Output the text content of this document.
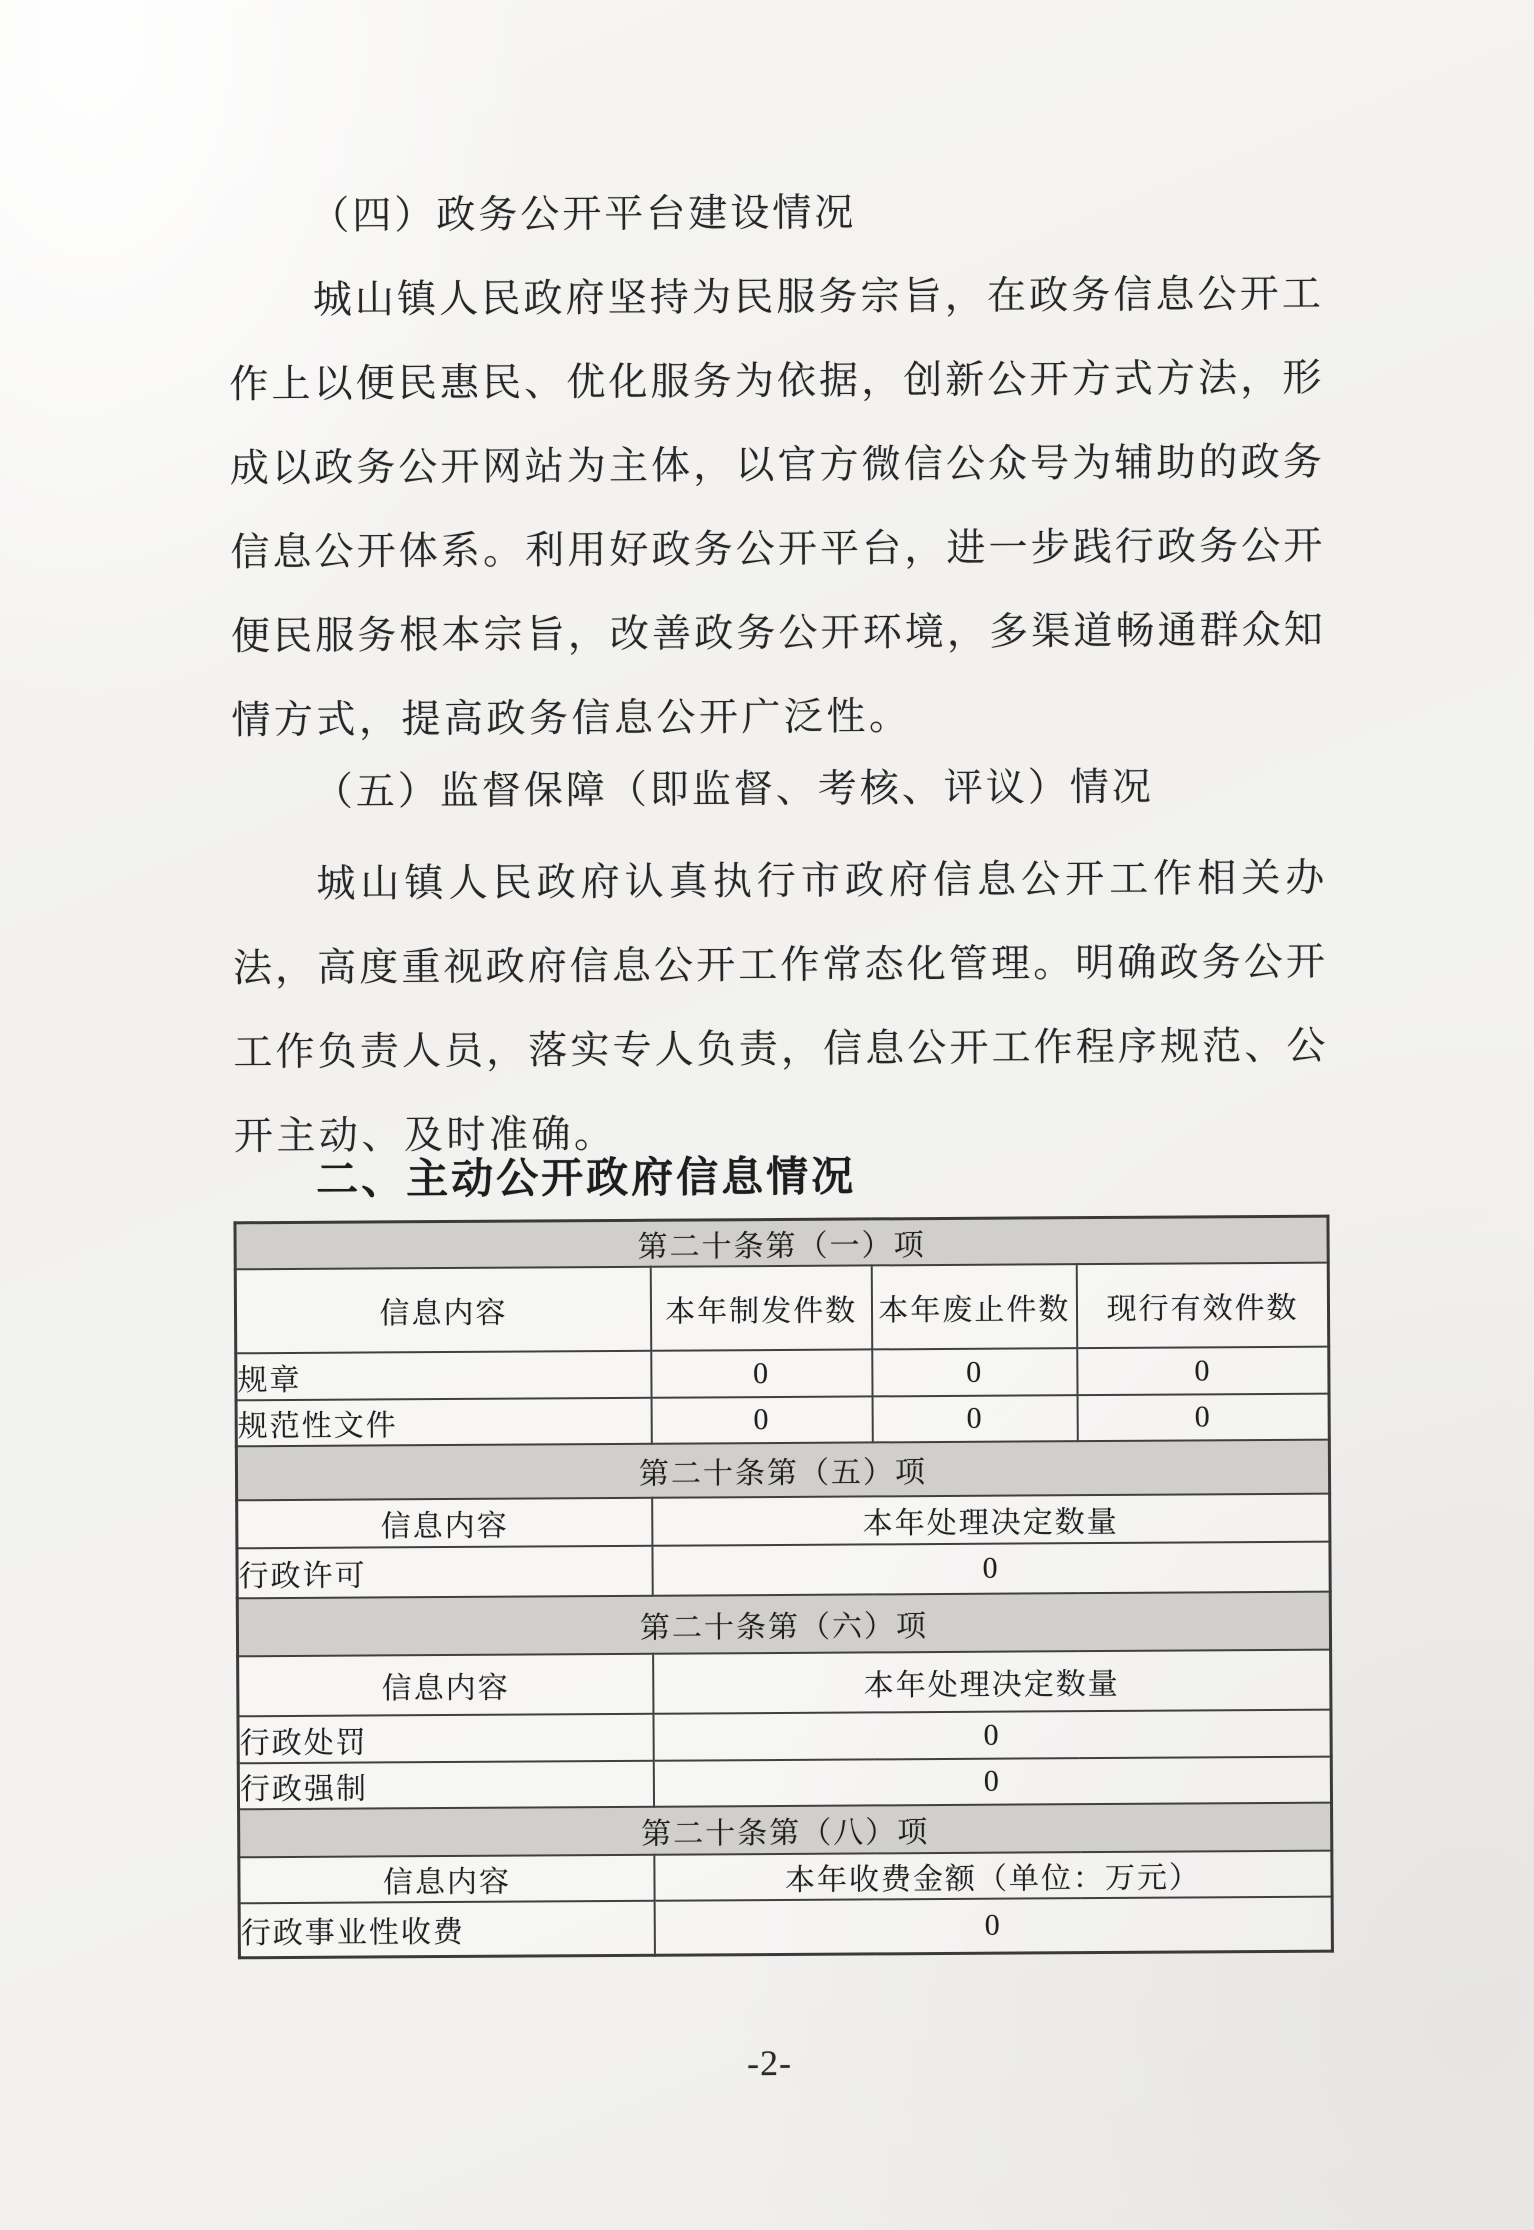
（四）政务公开平台建设情况
城山镇人民政府坚持为民服务宗旨，在政务信息公开工
作上以便民惠民、优化服务为依据，创新公开方式方法，形
成以政务公开网站为主体，以官方微信公众号为辅助的政务
信息公开体系。利用好政务公开平台，进一步践行政务公开
便民服务根本宗旨，改善政务公开环境，多渠道畅通群众知
情方式，提高政务信息公开广泛性。
（五）监督保障（即监督、考核、评议）情况
城山镇人民政府认真执行市政府信息公开工作相关办
法，高度重视政府信息公开工作常态化管理。明确政务公开
工作负责人员，落实专人负责，信息公开工作程序规范、公
开主动、及时准确。
二、主动公开政府信息情况
第二十条第（一）项			
信息内容	本年制发件数	本年废止件数	现行有效件数
规章	0	0	0
规范性文件	0	0	0
第二十条第（五）项			
信息内容	本年处理决定数量		
行政许可	0		
第二十条第（六）项			
信息内容	本年处理决定数量		
行政处罚	0		
行政强制	0		
第二十条第（八）项			
信息内容	本年收费金额（单位：万元）		
行政事业性收费	0		
-2-
